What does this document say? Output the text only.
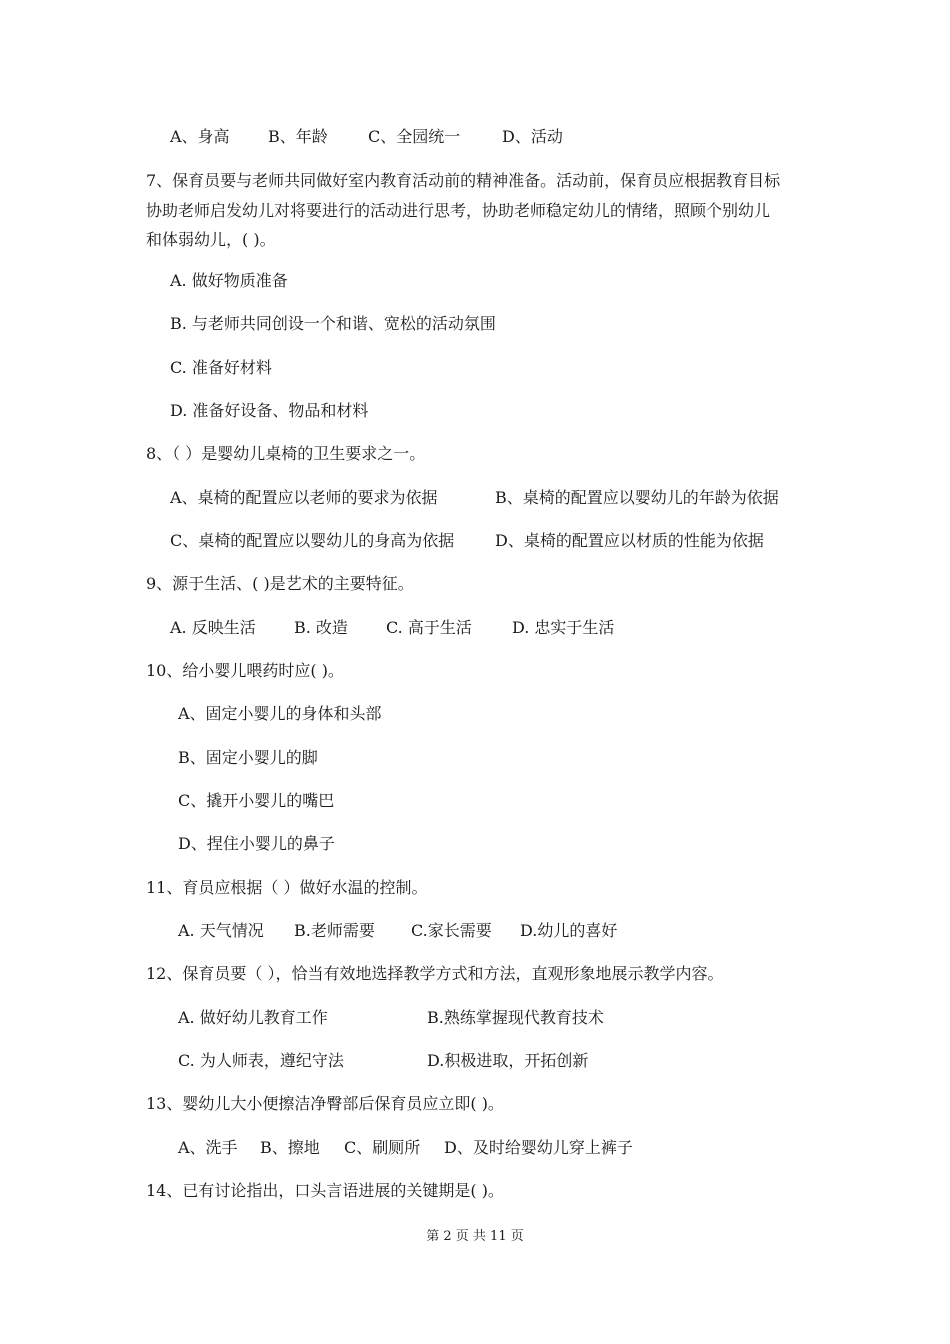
A、身高 B、年龄	C、全园统一	D、活动
7、保育员要与老师共同做好室内教育活动前的精神准备。活动前，保育员应根据教育目标
协助老师启发幼儿对将要进行的活动进行思考，协助老师稳定幼儿的情绪，照顾个别幼儿
和体弱幼儿，( )。
A. 做好物质准备
B. 与老师共同创设一个和谐、宽松的活动氛围
C. 准备好材料
D. 准备好设备、物品和材料
8、（ ）是婴幼儿桌椅的卫生要求之一。
A、桌椅的配置应以老师的要求为依据	B、桌椅的配置应以婴幼儿的年龄为依据
C、桌椅的配置应以婴幼儿的身高为依据	D、桌椅的配置应以材质的性能为依据
9、源于生活、( )是艺术的主要特征。
A. 反映生活 B. 改造 C. 高于生活	D. 忠实于生活
10、给小婴儿喂药时应( )。
A、固定小婴儿的身体和头部
B、固定小婴儿的脚
C、撬开小婴儿的嘴巴
D、捏住小婴儿的鼻子
11、育员应根据（ ）做好水温的控制。
A. 天气情况 B.老师需要 C.家长需要 D.幼儿的喜好
12、保育员要（ ），恰当有效地选择教学方式和方法，直观形象地展示教学内容。
A. 做好幼儿教育工作	B.熟练掌握现代教育技术
C. 为人师表，遵纪守法	D.积极进取，开拓创新
13、婴幼儿大小便擦洁净臀部后保育员应立即( )。
A、洗手 B、擦地 C、刷厕所 D、及时给婴幼儿穿上裤子
14、已有讨论指出，口头言语进展的关键期是( )。
第 2 页 共 11 页
